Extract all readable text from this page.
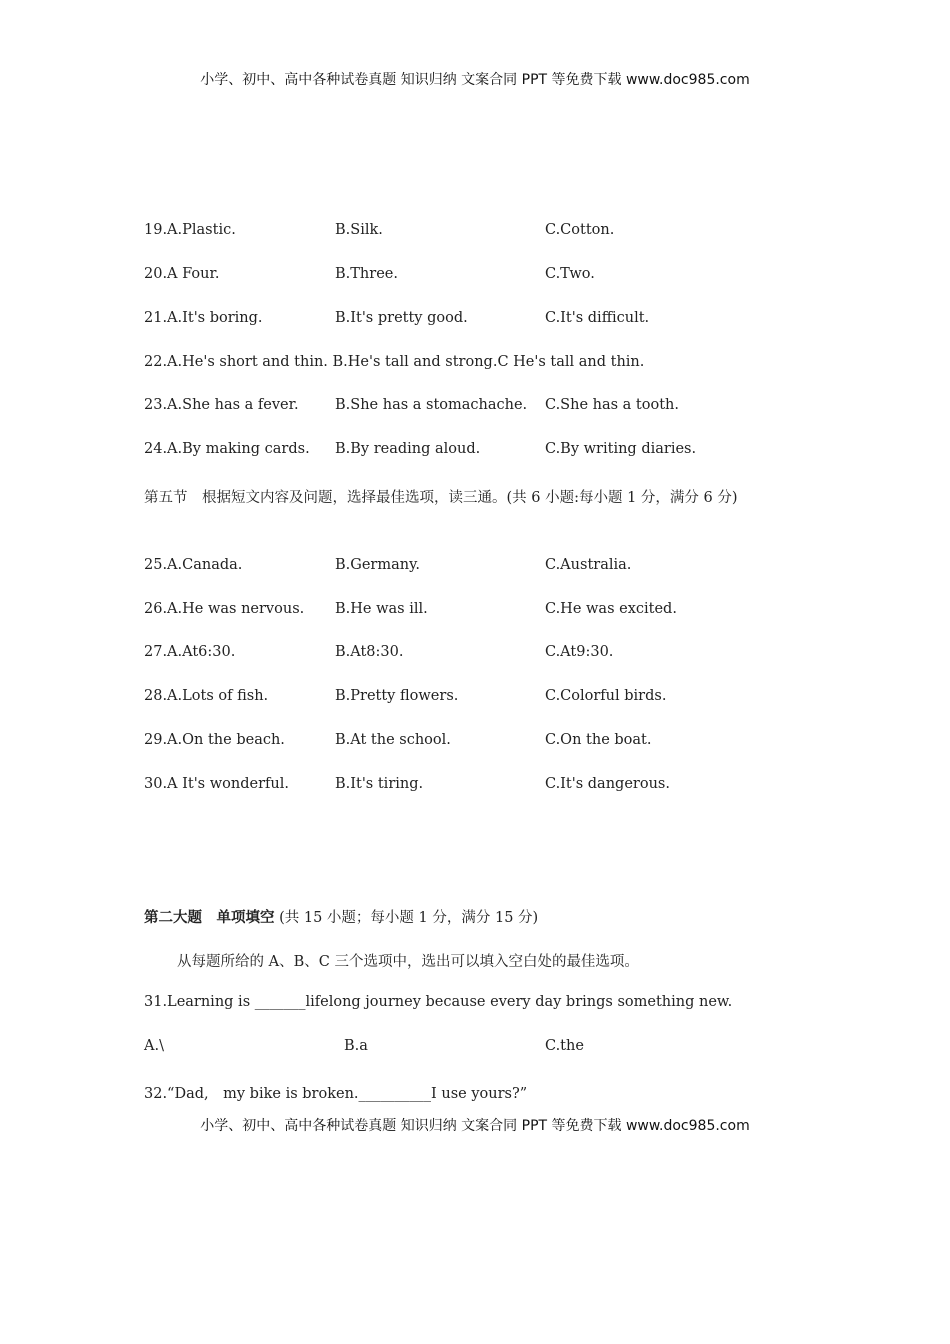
小学、初中、高中各种试卷真题 知识归纳 文案合同 PPT 等免费下载 www.doc985.com
19.A.Plastic.	B.Silk.	C.Cotton.
20.A Four.	B.Three.	C.Two.
21.A.It's boring.	B.It's pretty good.	C.It's difficult.
22.A.He's short and thin. B.He's tall and strong.C He's tall and thin.
23.A.She has a fever.	B.She has a stomachache. C.She has a tooth.
24.A.By making cards. B.By reading aloud.	C.By writing diaries.
第五节　根据短文内容及问题，选择最佳选项，读三通。(共 6 小题:每小题 1 分，满分 6 分)
25.A.Canada.	B.Germany.	C.Australia.
26.A.He was nervous. B.He was ill.	C.He was excited.
27.A.At6:30.	B.At8:30.	C.At9:30.
28.A.Lots of fish.	B.Pretty flowers.	C.Colorful birds.
29.A.On the beach.	B.At the school.	C.On the boat.
30.A It's wonderful.	B.It's tiring.	C.It's dangerous.
第二大题　单项填空 (共 15 小题；每小题 1 分，满分 15 分)
从每题所给的 A、B、C 三个选项中，选出可以填入空白处的最佳选项。
31.Learning is _______lifelong journey because every day brings something new.
A.\	B.a	C.the
32.“Dad,　my bike is broken.__________I use yours?”
小学、初中、高中各种试卷真题 知识归纳 文案合同 PPT 等免费下载 www.doc985.com
